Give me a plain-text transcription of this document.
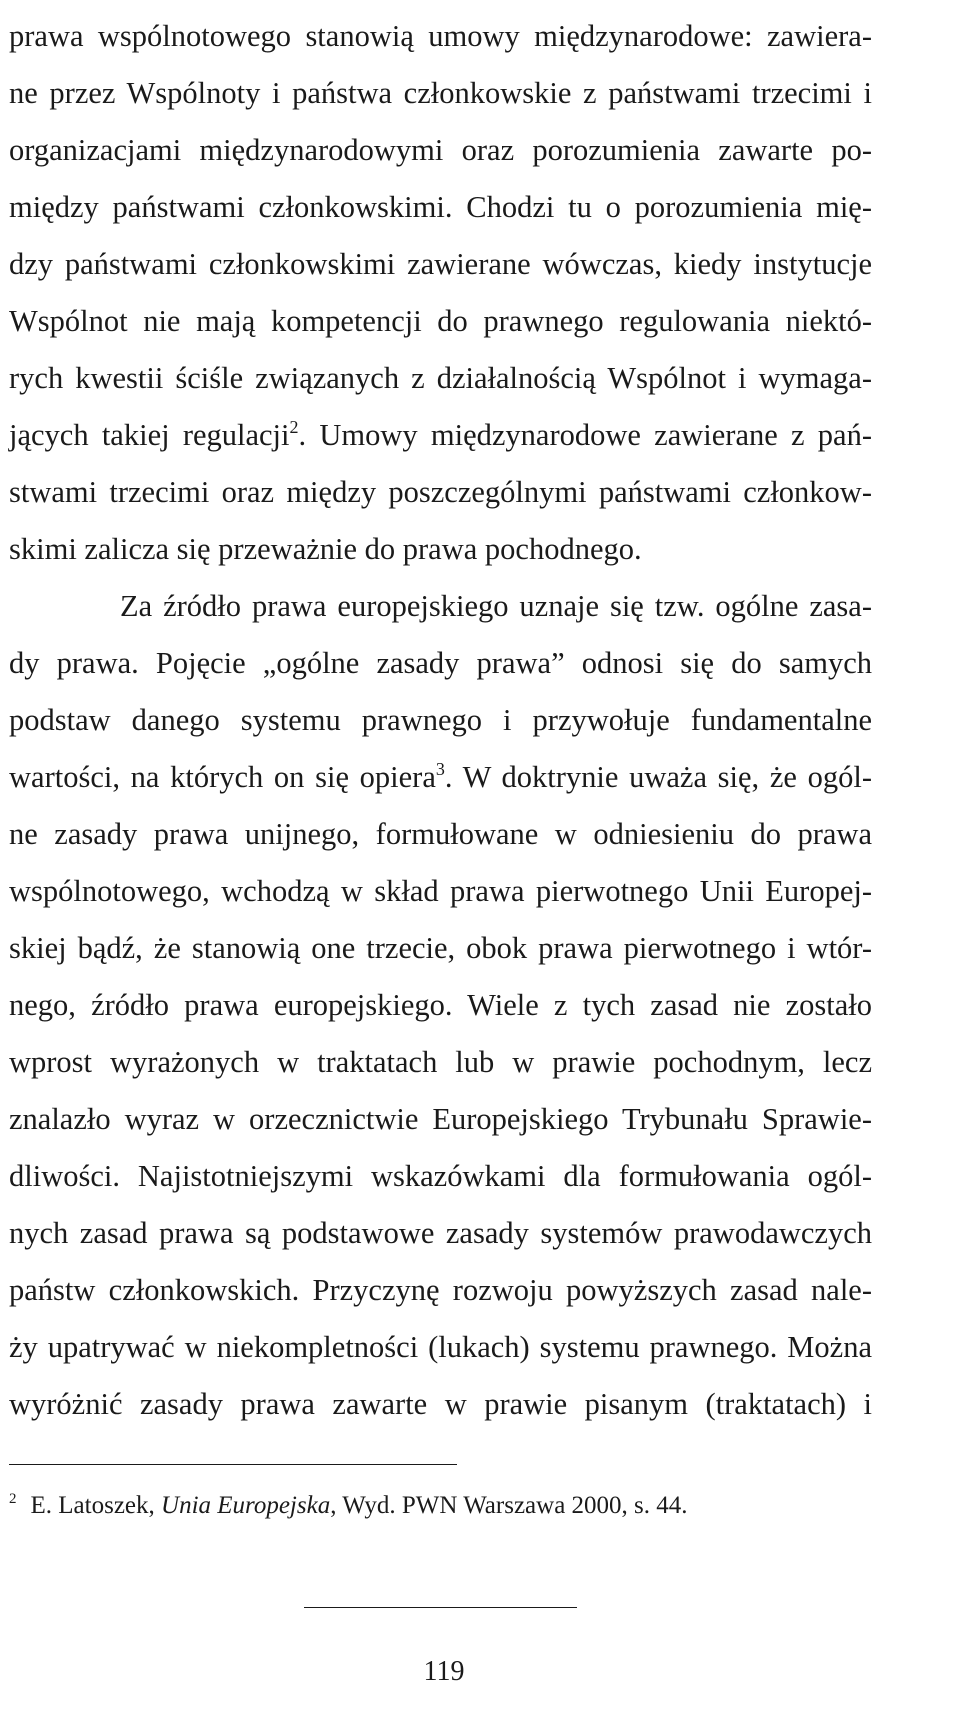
prawa wspólnotowego stanowią umowy międzynarodowe: zawiera-
ne przez Wspólnoty i państwa członkowskie z państwami trzecimi i
organizacjami międzynarodowymi oraz porozumienia zawarte po-
między państwami członkowskimi. Chodzi tu o porozumienia mię-
dzy państwami członkowskimi zawierane wówczas, kiedy instytucje
Wspólnot nie mają kompetencji do prawnego regulowania niektó-
rych kwestii ściśle związanych z działalnością Wspólnot i wymaga-
jących takiej regulacji$^2$. Umowy międzynarodowe zawierane z pań-
stwami trzecimi oraz między poszczególnymi państwami członkow-
skimi zalicza się przeważnie do prawa pochodnego.
Za źródło prawa europejskiego uznaje się tzw. ogólne zasa-
dy prawa. Pojęcie „ogólne zasady prawa” odnosi się do samych
podstaw danego systemu prawnego i przywołuje fundamentalne
wartości, na których on się opiera$^3$. W doktrynie uważa się, że ogól-
ne zasady prawa unijnego, formułowane w odniesieniu do prawa
wspólnotowego, wchodzą w skład prawa pierwotnego Unii Europej-
skiej bądź, że stanowią one trzecie, obok prawa pierwotnego i wtór-
nego, źródło prawa europejskiego. Wiele z tych zasad nie zostało
wprost wyrażonych w traktatach lub w prawie pochodnym, lecz
znalazło wyraz w orzecznictwie Europejskiego Trybunału Sprawie-
dliwości. Najistotniejszymi wskazówkami dla formułowania ogól-
nych zasad prawa są podstawowe zasady systemów prawodawczych
państw członkowskich. Przyczynę rozwoju powyższych zasad nale-
ży upatrywać w niekompletności (lukach) systemu prawnego. Można
wyróżnić zasady prawa zawarte w prawie pisanym (traktatach) i
$^2$ E. Latoszek, Unia Europejska, Wyd. PWN Warszawa 2000, s. 44.
119
